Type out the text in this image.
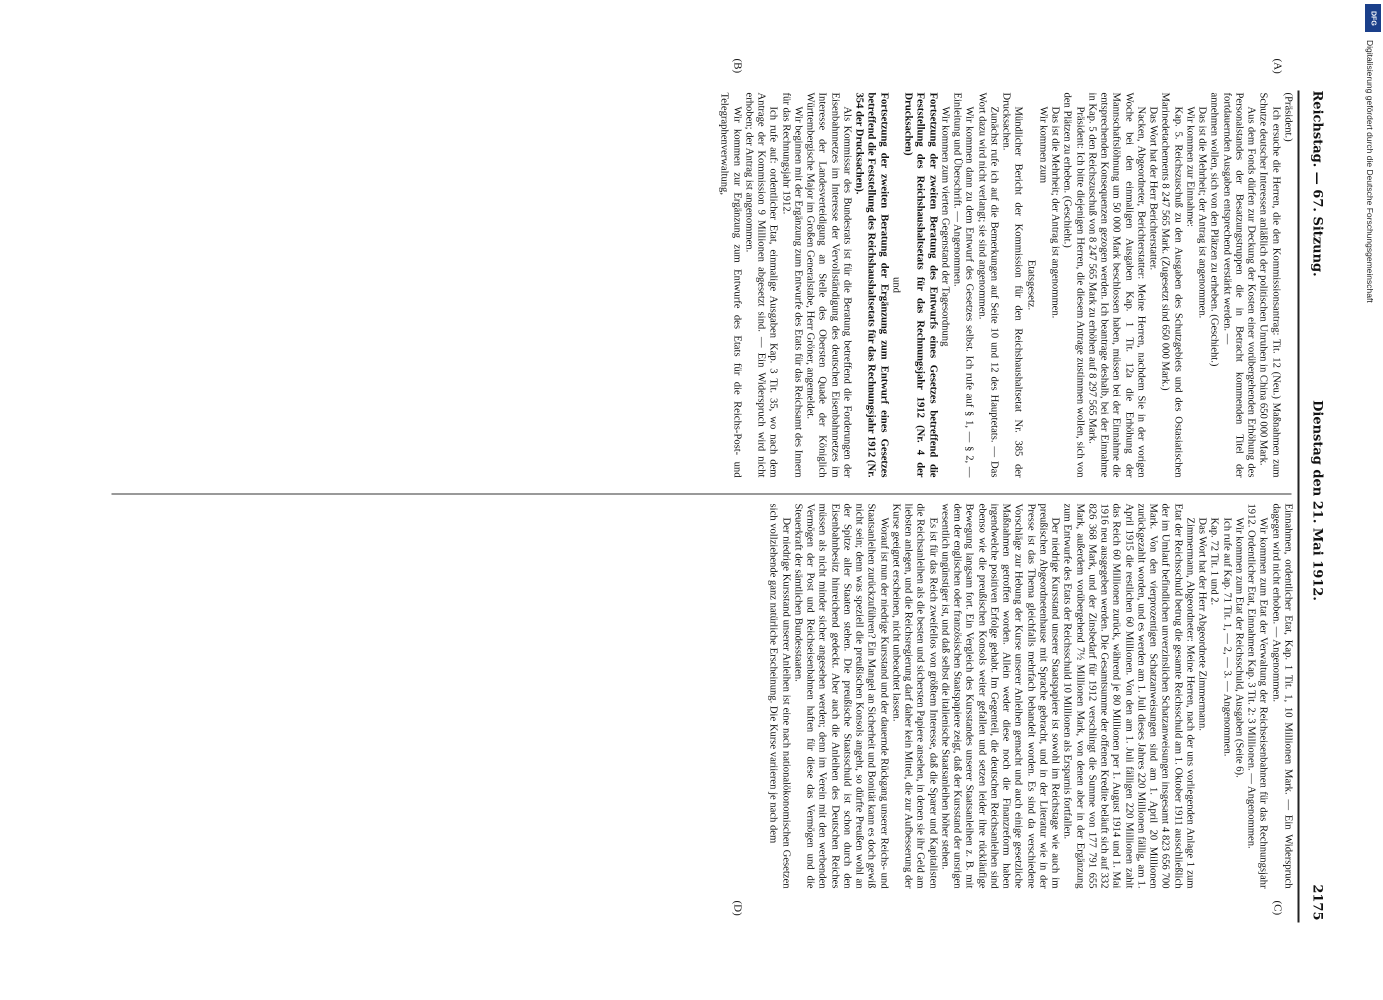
Reichstag. — 67. Sitzung.
Dienstag den 21. Mai 1912.
2175
(A)
(B)
(C)
(D)

(Präsident.)

Ich ersuche die Herren, die den Kommissionsantrag: Tit. 12 (Neu.) Maßnahmen zum Schutze deutscher Interessen anläßlich der politischen Unruhen in China 650 000 Mark.

Aus dem Fonds dürfen zur Deckung der Kosten einer vorübergehenden Erhöhung des Personalstandes der Besatzungstruppen die in Betracht kommenden Titel der fortdauernden Ausgaben entsprechend verstärkt werden. —

annehmen wollen, sich von den Plätzen zu erheben. (Geschieht.)

Das ist die Mehrheit; der Antrag ist angenommen.

Wir kommen zur Einnahme:

Kap. 5. Reichszuschuß zu den Ausgaben des Schutzgebiets und des Ostasiatischen Marinedetachements 8 247 565 Mark. (Zugesetzt sind 650 000 Mark.)

Das Wort hat der Herr Berichterstatter.

Nacken, Abgeordneter, Berichterstatter: Meine Herren, nachdem Sie in der vorigen Woche bei den einmaligen Ausgaben Kap. 1 Tit. 12a die Erhöhung der Mannschaftslöhnung um 50 000 Mark beschlossen haben, müssen bei der Einnahme die entsprechenden Konsequenzen gezogen werden. Ich beantrage deshalb, bei der Einnahme in Kap. 5 den Reichszuschuß von 8 247 565 Mark zu erhöhen auf 8 297 565 Mark.

Präsident: Ich bitte diejenigen Herren, die diesem Antrage zustimmen wollen, sich von den Plätzen zu erheben. (Geschieht.)

Das ist die Mehrheit; der Antrag ist angenommen.

Wir kommen zum

Etatsgesetz.

Mündlicher Bericht der Kommission für den Reichshaushaltsetat Nr. 385 der Drucksachen.

Zunächst rufe ich auf die Bemerkungen auf Seite 10 und 12 des Hauptetats. — Das Wort dazu wird nicht verlangt; sie sind angenommen.

Wir kommen dann zu dem Entwurf des Gesetzes selbst. Ich rufe auf § 1, — § 2, — Einleitung und Überschrift. — Angenommen.

Wir kommen zum vierten Gegenstand der Tagesordnung

Fortsetzung der zweiten Beratung des Entwurfs eines Gesetzes betreffend die Feststellung des Reichshaushaltsetats für das Rechnungsjahr 1912 (Nr. 4 der Drucksachen)

und

Fortsetzung der zweiten Beratung der Ergänzung zum Entwurf eines Gesetzes betreffend die Feststellung des Reichshaushaltsetats für das Rechnungsjahr 1912 (Nr. 354 der Drucksachen).

Als Kommissar des Bundesrats ist für die Beratung betreffend die Forderungen der Eisenbahnnetzes im Interesse der Vervollständigung des deutschen Eisenbahnnetzes im Interesse der Landesverteidigung an Stelle des Obersten Quade der Königlich Württembergische Major im Großen Generalstabe, Herr Gröner, angemeldet.

Wir beginnen mit der Ergänzung zum Entwurfe des Etats für das Reichsamt des Innern für das Rechnungsjahr 1912.

Ich rufe auf: ordentlicher Etat, einmalige Ausgaben Kap. 3 Tit. 35, wo nach dem Antrage der Kommission 9 Millionen abgesetzt sind. — Ein Widerspruch wird nicht erhoben; der Antrag ist angenommen.

Wir kommen zur Ergänzung zum Entwurfe des Etats für die Reichs-Post- und Telegraphenverwaltung,

Einnahmen, ordentlicher Etat, Kap. 1 Tit. 1, 10 Millionen Mark. — Ein Widerspruch dagegen wird nicht erhoben. — Angenommen.

Wir kommen zum Etat der Verwaltung der Reichseisenbahnen für das Rechnungsjahr 1912. Ordentlicher Etat, Einnahmen Kap. 3 Tit. 2: 3 Millionen. — Angenommen.

Wir kommen zum Etat der Reichsschuld, Ausgaben (Seite 6).

Ich rufe auf Kap. 71 Tit. 1, — 2, — 3. — Angenommen.

Kap. 72 Tit. 1 und 2.

Das Wort hat der Herr Abgeordnete Zimmermann.

Zimmermann, Abgeordneter: Meine Herren, nach der uns vorliegenden Anlage 1 zum Etat der Reichsschuld betrug die gesamte Reichsschuld am 1. Oktober 1911 ausschließlich der im Umlauf befindlichen unverzinslichen Schatzanweisungen insgesamt 4 823 656 700 Mark. Von den vierprozentigen Schatzanweisungen sind am 1. April 20 Millionen zurückgezahlt worden, und es werden am 1. Juli dieses Jahres 220 Millionen fällig, am 1. April 1915 die restlichen 60 Millionen. Von den am 1. Juli fälligen 220 Millionen zahlt das Reich 60 Millionen zurück, während je 80 Millionen per 1. August 1914 und 1. Mai 1916 neu ausgegeben werden. Die Gesamtsumme der offenen Kredite beläuft sich auf 332 826 368 Mark, und der Zinsbedarf für 1912 verschlingt die Summe von 177 791 655 Mark, außerdem vorübergehend 7½ Millionen Mark, von denen aber in der Ergänzung zum Entwurfe des Etats der Reichsschuld 10 Millionen als Ersparnis fortfallen.

Der niedrige Kursstand unserer Staatspapiere ist sowohl im Reichstage wie auch im preußischen Abgeordnetenhause mit Sprache gebracht, und in der Literatur wie in der Presse ist das Thema gleichfalls mehrfach behandelt worden. Es sind da verschiedene Vorschläge zur Hebung der Kurse unserer Anleihen gemacht und auch einige gesetzliche Maßnahmen getroffen worden. Allein weder diese noch die Finanzreform haben irgendwelche positiven Erfolge gehabt. Im Gegenteil, die deutschen Reichsanleihen sind ebenso wie die preußischen Konsols weiter gefallen und setzen leider ihre rückläufige Bewegung langsam fort. Ein Vergleich des Kursstandes unserer Staatsanleihen z. B. mit dem der englischen oder französischen Staatspapiere zeigt, daß der Kursstand der unsrigen wesentlich ungünstiger ist, und daß selbst die italienische Staatsanleihen höher stehen.

Es ist für das Reich zweifellos von größtem Interesse, daß die Sparer und Kapitalisten die Reichsanleihen als die besten und sichersten Papiere ansehen, in denen sie ihr Geld am liebsten anlegen, und die Reichsregierung darf daher kein Mittel, die zur Aufbesserung der Kurse geeignet erscheinen, nicht unbeachtet lassen.

Worauf ist nun der niedrige Kursstand und der dauernde Rückgang unserer Reichs- und Staatsanleihen zurückzuführen? Ein Mangel an Sicherheit und Bonität kann es doch gewiß nicht sein; denn was speziell die preußischen Konsols angeht, so dürfte Preußen wohl an der Spitze aller Staaten stehen. Die preußische Staatsschuld ist schon durch den Eisenbahnbesitz hinreichend gedeckt. Aber auch die Anleihen des Deutschen Reiches müssen als nicht minder sicher angesehen werden; denn im Verein mit den werbenden Vermögen der Post und Reichseisenbahnen haften für diese das Vermögen und die Steuerkraft der sämtlichen Bundesstaaten.

Der niedrige Kursstand unserer Anleihen ist eine nach nationalökonomischen Gesetzen sich vollziehende ganz natürliche Erscheinung. Die Kurse variieren je nach dem

Digitalisierung gefördert durch die Deutsche Forschungsgemeinschaft
DFG
